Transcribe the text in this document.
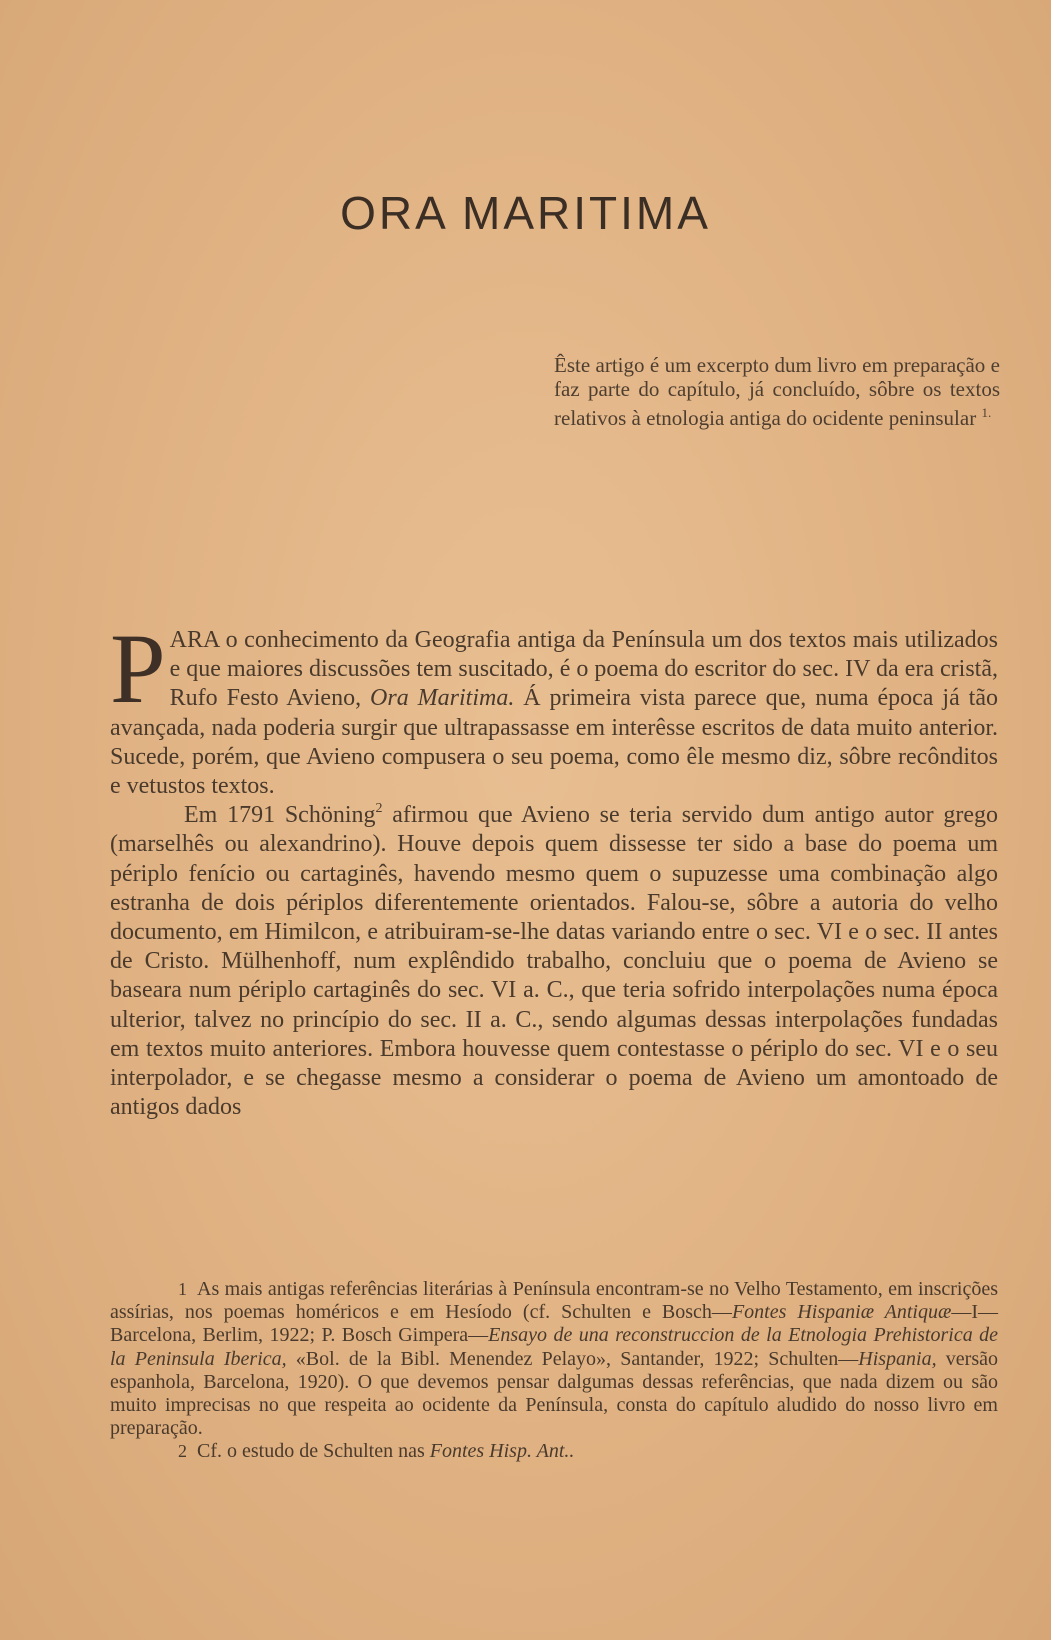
ORA MARITIMA
Êste artigo é um excerpto dum livro em preparação e faz parte do capítulo, já concluído, sôbre os textos relativos à etnologia antiga do ocidente peninsular $^{1.}$

PARA o conhecimento da Geografia antiga da Península um dos textos mais utilizados e que maiores discussões tem suscitado, é o poema do escritor do sec. IV da era cristã, Rufo Festo Avieno, Ora Maritima. Á primeira vista parece que, numa época já tão avançada, nada poderia surgir que ultrapassasse em interêsse escritos de data muito anterior. Sucede, porém, que Avieno compusera o seu poema, como êle mesmo diz, sôbre recônditos e vetustos textos.

Em 1791 Schöning$^2$ afirmou que Avieno se teria servido dum antigo autor grego (marselhês ou alexandrino). Houve depois quem dissesse ter sido a base do poema um périplo fenício ou cartaginês, havendo mesmo quem o supuzesse uma combinação algo estranha de dois périplos diferentemente orientados. Falou-se, sôbre a autoria do velho documento, em Himilcon, e atribuiram-se-lhe datas variando entre o sec. VI e o sec. II antes de Cristo. Mülhenhoff, num explêndido trabalho, concluiu que o poema de Avieno se baseara num périplo cartaginês do sec. VI a. C., que teria sofrido interpolações numa época ulterior, talvez no princípio do sec. II a. C., sendo algumas dessas interpolações fundadas em textos muito anteriores. Embora houvesse quem contestasse o périplo do sec. VI e o seu interpolador, e se chegasse mesmo a considerar o poema de Avieno um amontoado de antigos dados

1 As mais antigas referências literárias à Península encontram-se no Velho Testamento, em inscrições assírias, nos poemas homéricos e em Hesíodo (cf. Schulten e Bosch—Fontes Hispaniæ Antiquæ—I—Barcelona, Berlim, 1922; P. Bosch Gimpera—Ensayo de una reconstruccion de la Etnologia Prehistorica de la Peninsula Iberica, «Bol. de la Bibl. Menendez Pelayo», Santander, 1922; Schulten—Hispania, versão espanhola, Barcelona, 1920). O que devemos pensar dalgumas dessas referências, que nada dizem ou são muito imprecisas no que respeita ao ocidente da Península, consta do capítulo aludido do nosso livro em preparação.

2 Cf. o estudo de Schulten nas Fontes Hisp. Ant..
